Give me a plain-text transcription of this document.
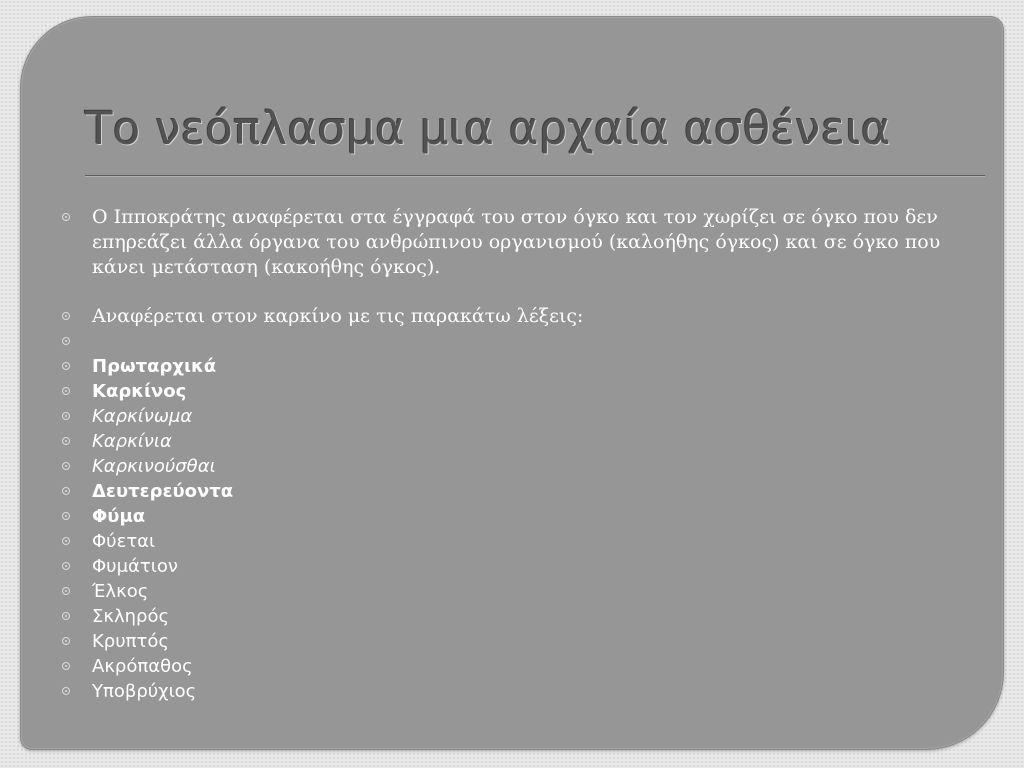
Το νεόπλασμα μια αρχαία ασθένεια
Ο Ιπποκράτης αναφέρεται στα έγγραφά του στον όγκο και τον χωρίζει σε όγκο που δεν επηρεάζει άλλα όργανα του ανθρώπινου οργανισμού (καλοήθης όγκος) και σε όγκο που κάνει μετάσταση (κακοήθης όγκος).
Αναφέρεται στον καρκίνο με τις παρακάτω λέξεις:

Πρωταρχικά
Καρκίνος
Καρκίνωμα
Καρκίνια
Καρκινούσθαι
Δευτερεύοντα
Φύμα
Φύεται
Φυμάτιον
Έλκος
Σκληρός
Κρυπτός
Ακρόπαθος
Υποβρύχιος
